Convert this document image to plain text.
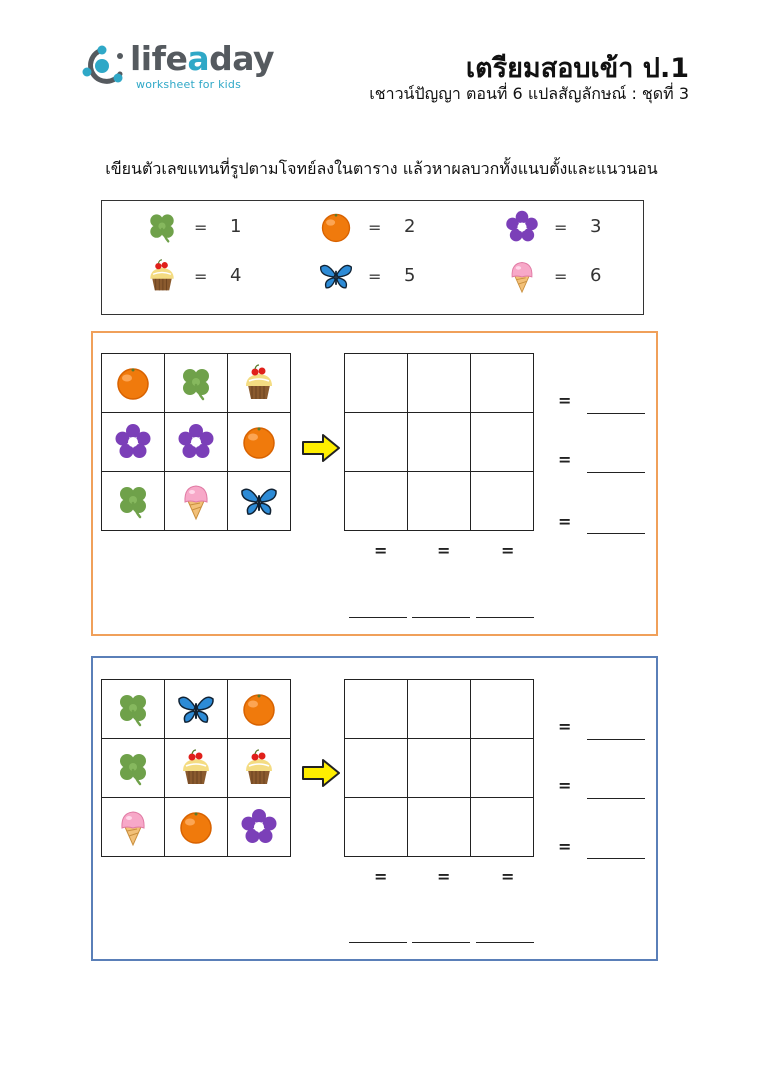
lifeaday
worksheet for kids
เตรียมสอบเข้า ป.1
เชาวน์ปัญญา ตอนที่ 6 แปลสัญลักษณ์ : ชุดที่ 3
เขียนตัวเลขแทนที่รูปตามโจทย์ลงในตาราง แล้วหาผลบวกทั้งแนบตั้งและแนวนอน
= 1	= 2	= 3
= 4	= 5	= 6

=
=
=
=	=	=

=
=
=
=	=	=
